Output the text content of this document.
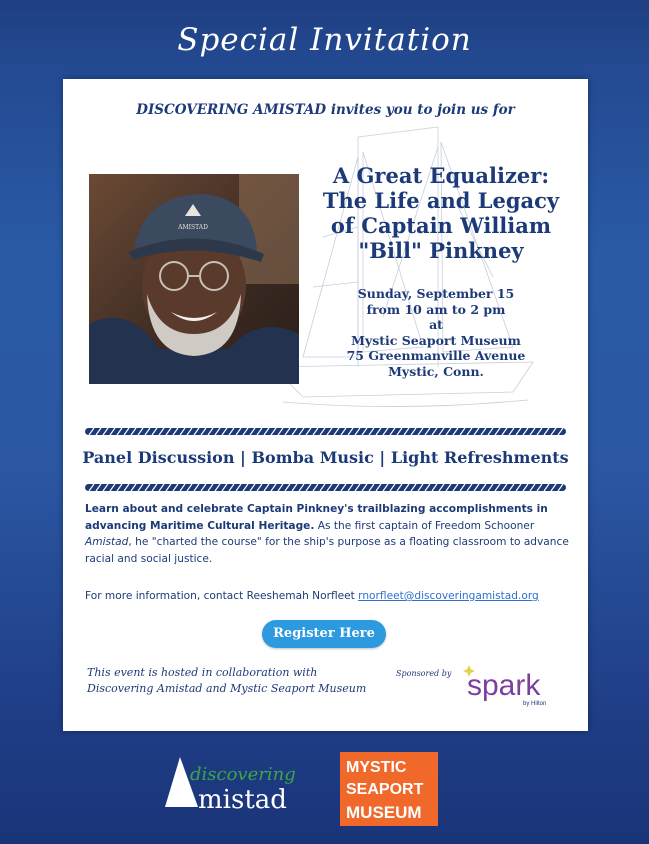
Special Invitation
DISCOVERING AMISTAD invites you to join us for
AMISTAD
A Great Equalizer:
The Life and Legacy
of Captain William
"Bill" Pinkney
Sunday, September 15
from 10 am to 2 pm
at
Mystic Seaport Museum
75 Greenmanville Avenue
Mystic, Conn.
Panel Discussion | Bomba Music | Light Refreshments
Learn about and celebrate Captain Pinkney's trailblazing accomplishments in advancing Maritime Cultural Heritage. As the first captain of Freedom Schooner Amistad, he "charted the course" for the ship's purpose as a floating classroom to advance racial and social justice.
For more information, contact Reeshemah Norfleet rnorfleet@discoveringamistad.org
Register Here
This event is hosted in collaboration with
Discovering Amistad and Mystic Seaport Museum
Sponsored by spark
by Hilton
discovering
mistad
MYSTIC
SEAPORT
MUSEUM
